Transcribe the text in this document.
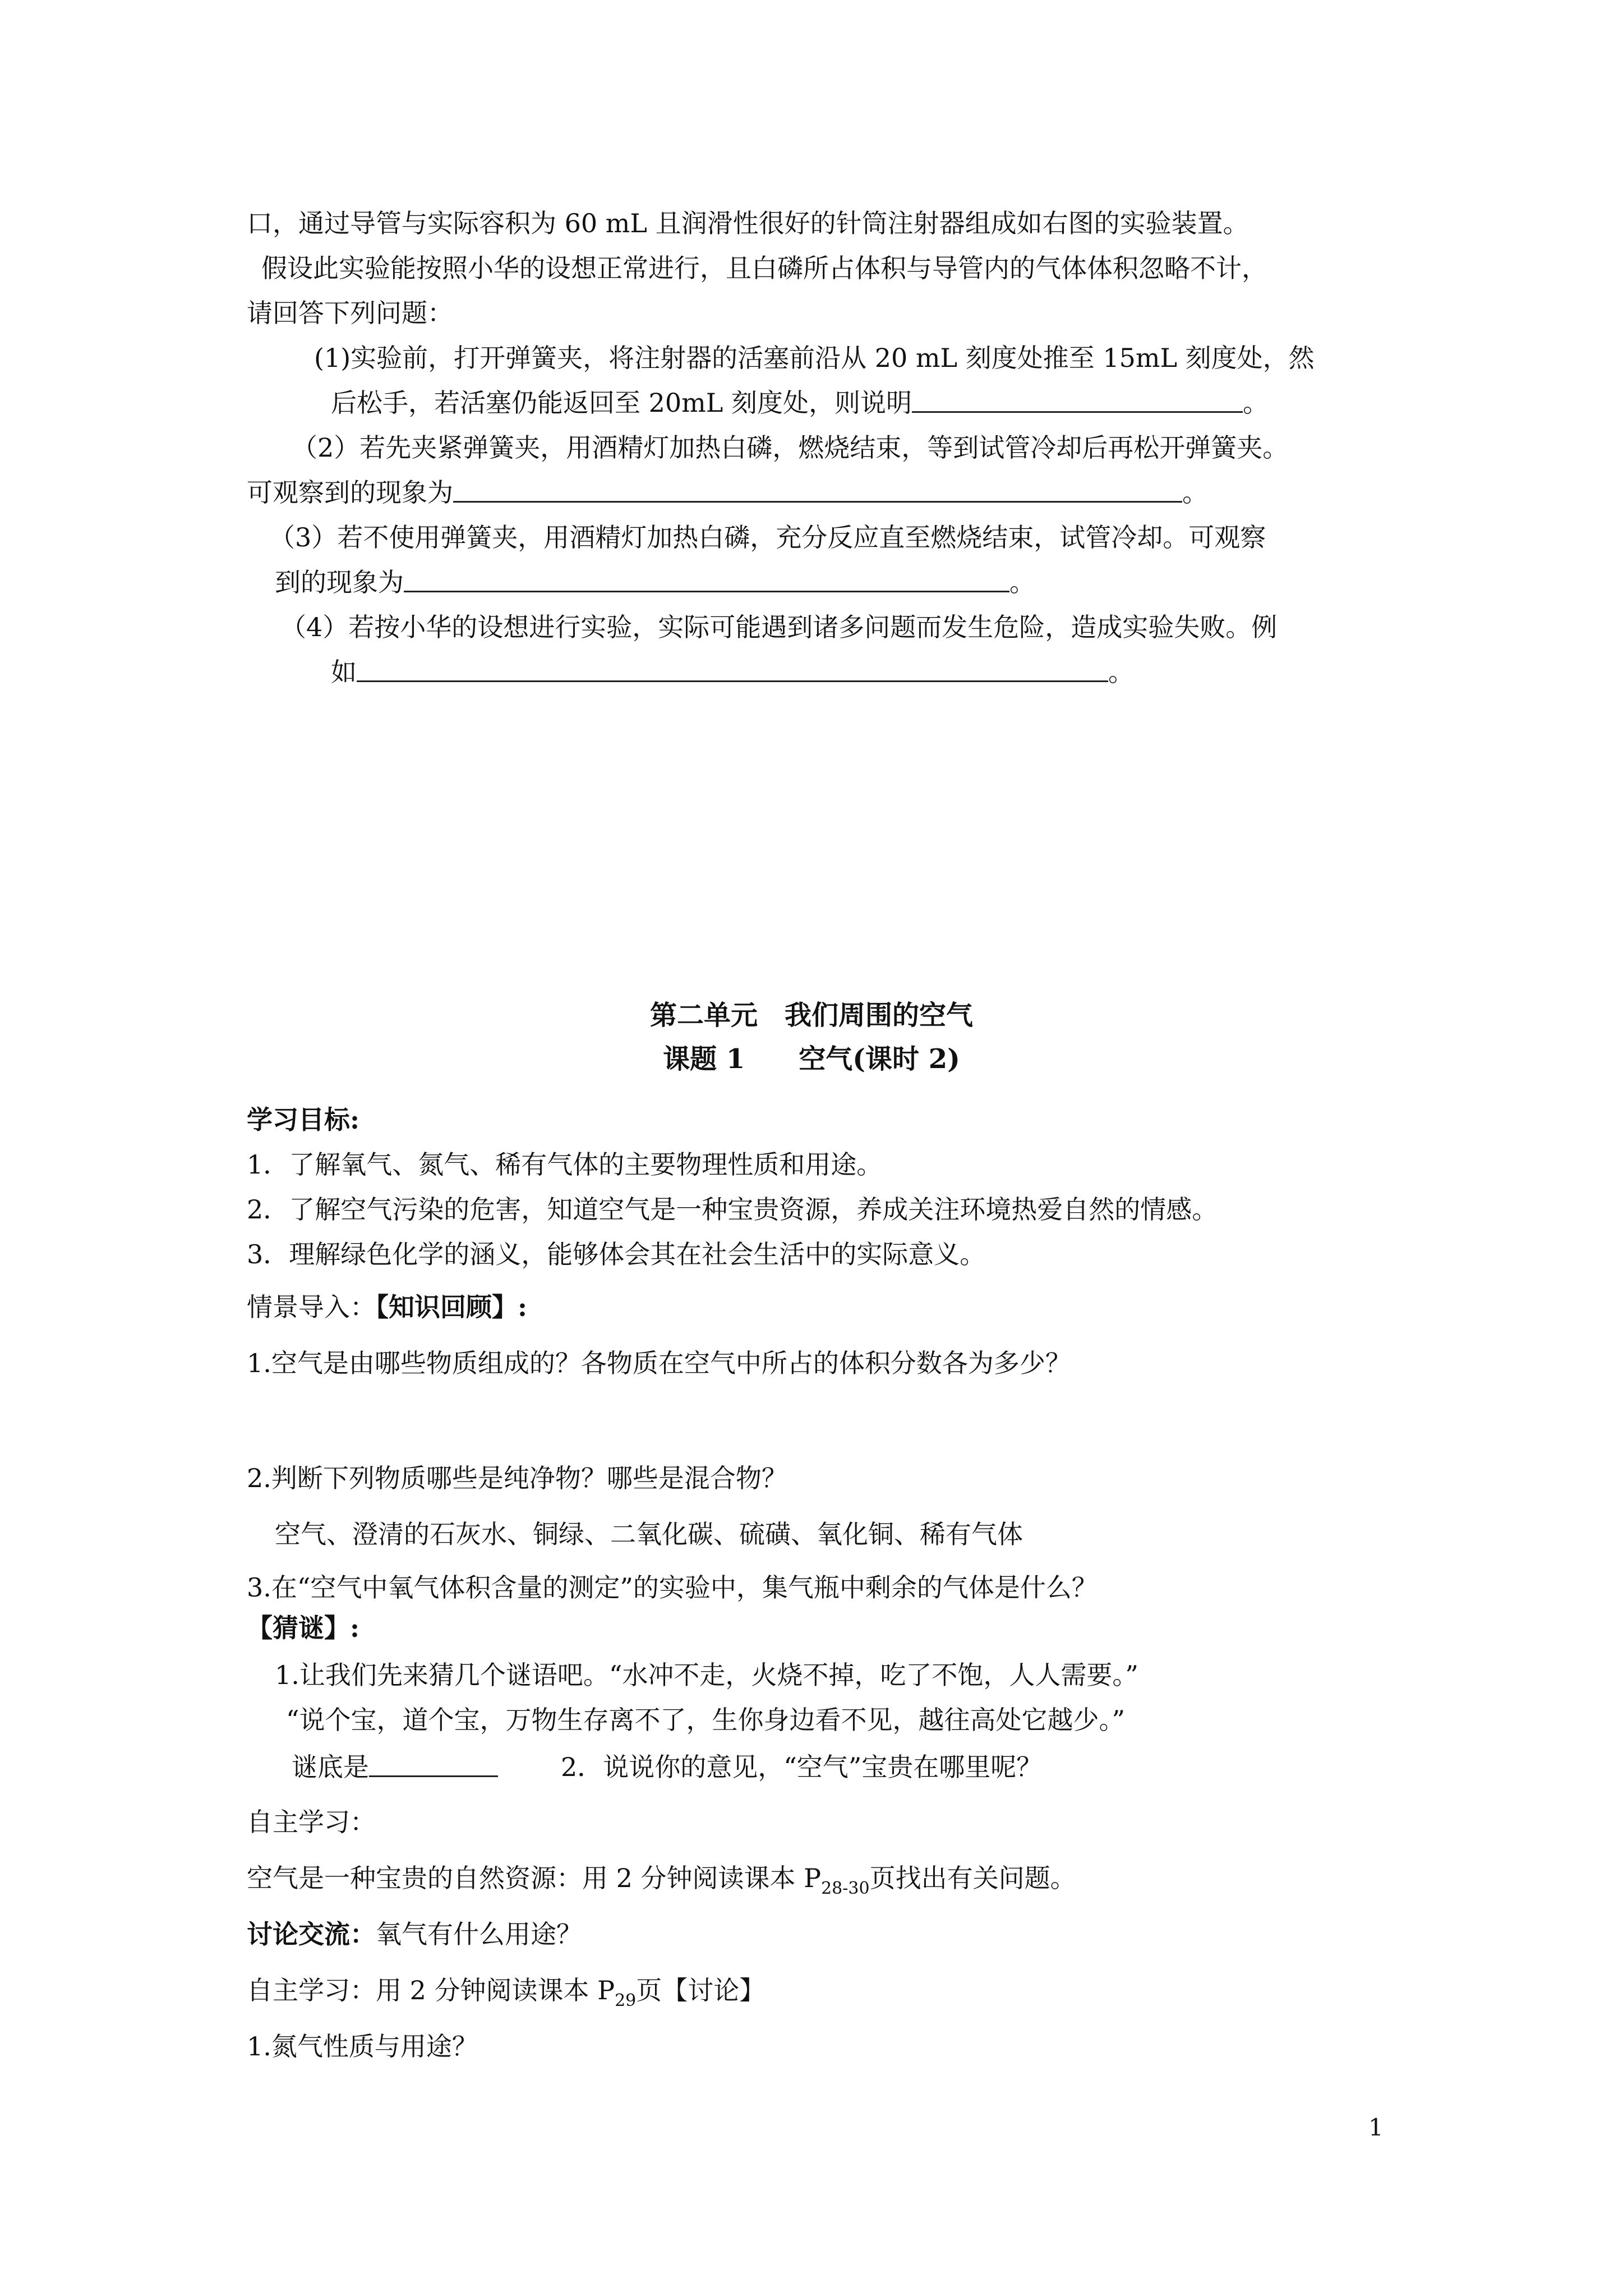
口，通过导管与实际容积为 60 mL 且润滑性很好的针筒注射器组成如右图的实验装置。
假设此实验能按照小华的设想正常进行，且白磷所占体积与导管内的气体体积忽略不计，
请回答下列问题：
(1)实验前，打开弹簧夹，将注射器的活塞前沿从 20 mL 刻度处推至 15mL 刻度处，然
后松手，若活塞仍能返回至 20mL 刻度处，则说明	。
（2）若先夹紧弹簧夹，用酒精灯加热白磷，燃烧结束，等到试管冷却后再松开弹簧夹。
可观察到的现象为	。
（3）若不使用弹簧夹，用酒精灯加热白磷，充分反应直至燃烧结束，试管冷却。可观察
到的现象为	。
（4）若按小华的设想进行实验，实际可能遇到诸多问题而发生危险，造成实验失败。例
如	。
第二单元　我们周围的空气
课题 1　　空气(课时 2)
学习目标:
1．了解氧气、氮气、稀有气体的主要物理性质和用途。
2．了解空气污染的危害，知道空气是一种宝贵资源，养成关注环境热爱自然的情感。
3．理解绿色化学的涵义，能够体会其在社会生活中的实际意义。
情景导入：【知识回顾】:
1.空气是由哪些物质组成的？各物质在空气中所占的体积分数各为多少？
2.判断下列物质哪些是纯净物？哪些是混合物？
空气、澄清的石灰水、铜绿、二氧化碳、硫磺、氧化铜、稀有气体
3.在“空气中氧气体积含量的测定”的实验中，集气瓶中剩余的气体是什么？
【猜谜】:
1.让我们先来猜几个谜语吧。“水冲不走，火烧不掉，吃了不饱，人人需要。”
“说个宝，道个宝，万物生存离不了，生你身边看不见，越往高处它越少。”
谜底是	2．说说你的意见，“空气”宝贵在哪里呢？
自主学习：
空气是一种宝贵的自然资源：用 2 分钟阅读课本 $P_{28-30}$页找出有关问题。
讨论交流：氧气有什么用途？
自主学习：用 2 分钟阅读课本 $P_{29}$页【讨论】
1.氮气性质与用途？
1
